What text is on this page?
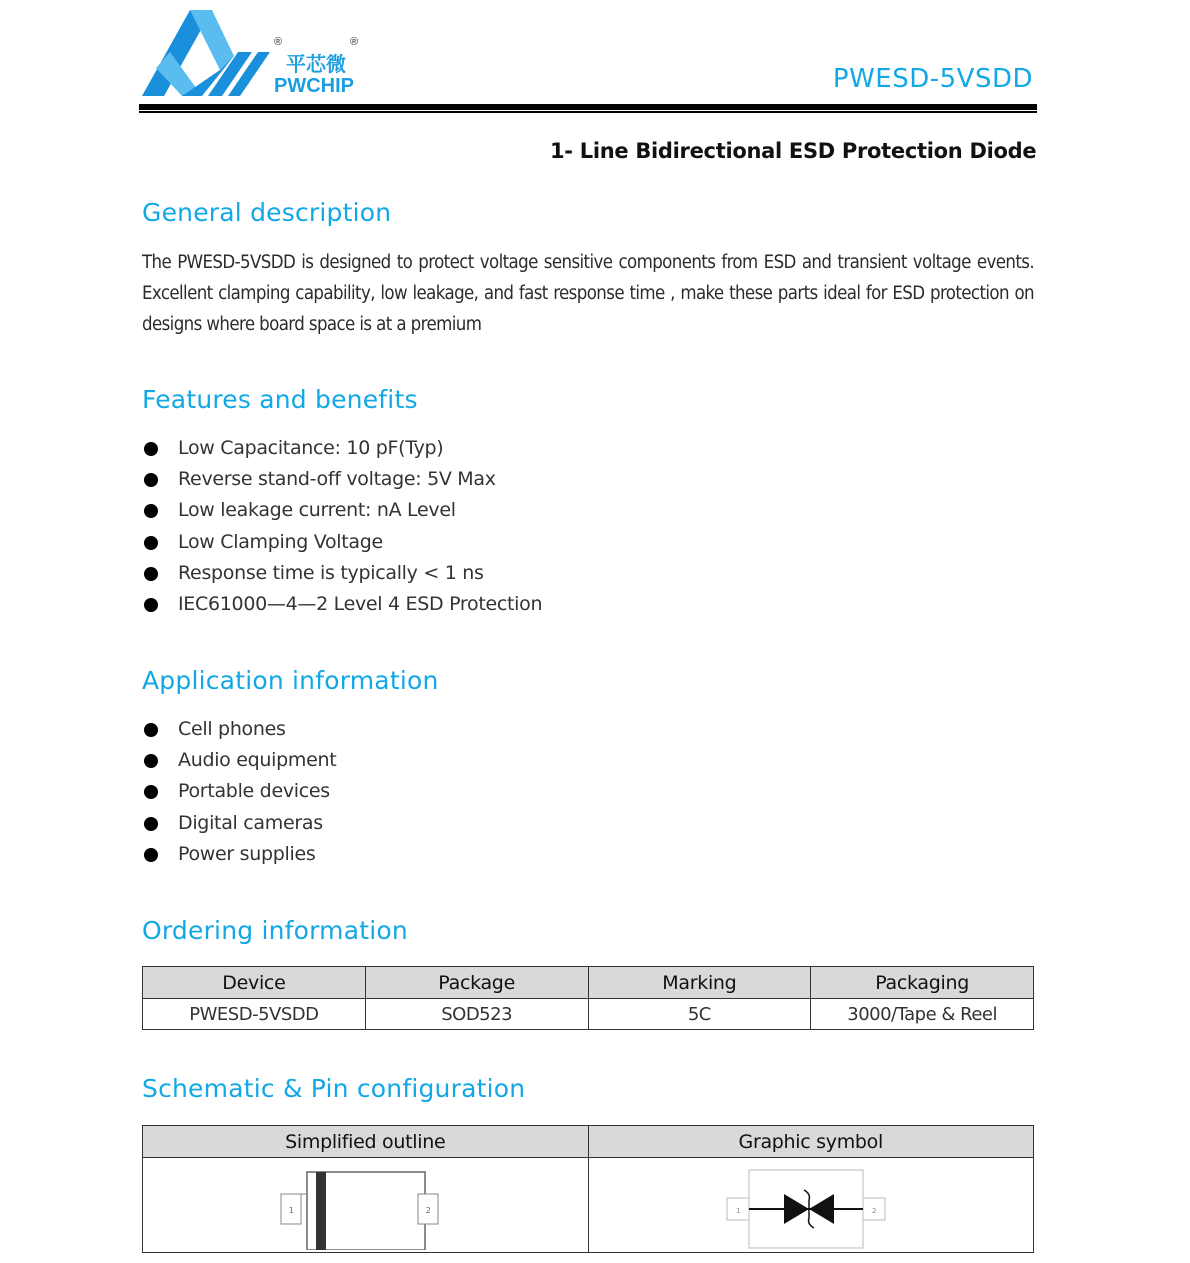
®	®
平芯微
PWCHIP	PWESD-5VSDD
1- Line Bidirectional ESD Protection Diode
General description

The PWESD-5VSDD is designed to protect voltage sensitive components from ESD and transient voltage events. Excellent clamping capability, low leakage, and fast response time , make these parts ideal for ESD protection on designs where board space is at a premium

Features and benefits
Low Capacitance: 10 pF(Typ)
Reverse stand-off voltage: 5V Max
Low leakage current: nA Level
Low Clamping Voltage
Response time is typically < 1 ns
IEC61000—4—2 Level 4 ESD Protection
Application information
Cell phones
Audio equipment
Portable devices
Digital cameras
Power supplies
Ordering information
Device	Package	Marking	Packaging
PWESD-5VSDD	SOD523	5C	3000/Tape & Reel
Schematic & Pin configuration
Simplified outline	Graphic symbol

1 2	1 2
